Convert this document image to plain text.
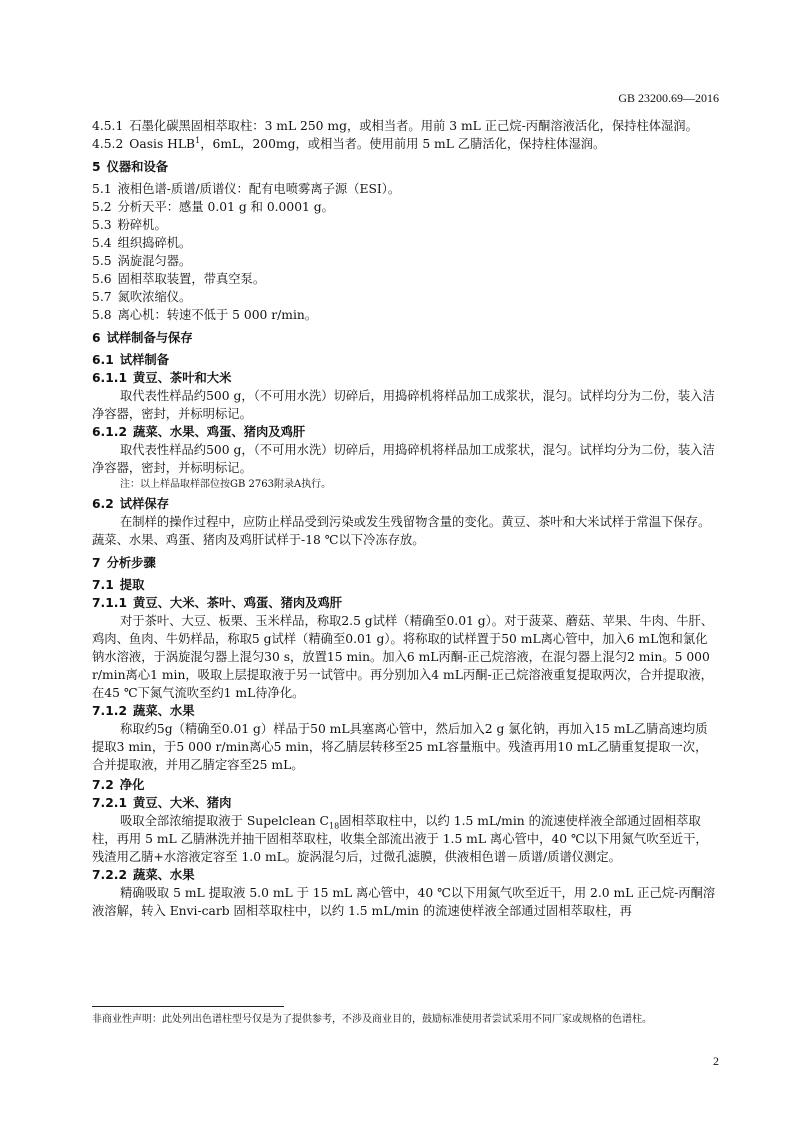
GB 23200.69—2016

4.5.1 石墨化碳黑固相萃取柱：3 mL 250 mg，或相当者。用前 3 mL 正己烷-丙酮溶液活化，保持柱体湿润。

4.5.2 Oasis HLB$^1$，6mL，200mg，或相当者。使用前用 5 mL 乙腈活化，保持柱体湿润。

5 仪器和设备

5.1 液相色谱-质谱/质谱仪：配有电喷雾离子源（ESI）。

5.2 分析天平：感量 0.01 g 和 0.0001 g。

5.3 粉碎机。

5.4 组织捣碎机。

5.5 涡旋混匀器。

5.6 固相萃取装置，带真空泵。

5.7 氮吹浓缩仪。

5.8 离心机：转速不低于 5 000 r/min。

6 试样制备与保存

6.1 试样制备

6.1.1 黄豆、茶叶和大米

取代表性样品约500 g，（不可用水洗）切碎后，用捣碎机将样品加工成浆状，混匀。试样均分为二份，装入洁净容器，密封，并标明标记。

6.1.2 蔬菜、水果、鸡蛋、猪肉及鸡肝

取代表性样品约500 g，（不可用水洗）切碎后，用捣碎机将样品加工成浆状，混匀。试样均分为二份，装入洁净容器，密封，并标明标记。

注：以上样品取样部位按GB 2763附录A执行。

6.2 试样保存

在制样的操作过程中，应防止样品受到污染或发生残留物含量的变化。黄豆、茶叶和大米试样于常温下保存。蔬菜、水果、鸡蛋、猪肉及鸡肝试样于-18 ℃以下冷冻存放。

7 分析步骤

7.1 提取

7.1.1 黄豆、大米、茶叶、鸡蛋、猪肉及鸡肝

对于茶叶、大豆、板栗、玉米样品，称取2.5 g试样（精确至0.01 g）。对于菠菜、蘑菇、苹果、牛肉、牛肝、鸡肉、鱼肉、牛奶样品，称取5 g试样（精确至0.01 g）。将称取的试样置于50 mL离心管中，加入6 mL饱和氯化钠水溶液，于涡旋混匀器上混匀30 s，放置15 min。加入6 mL丙酮-正己烷溶液，在混匀器上混匀2 min。5 000 r/min离心1 min，吸取上层提取液于另一试管中。再分别加入4 mL丙酮-正己烷溶液重复提取两次，合并提取液，在45 ℃下氮气流吹至约1 mL待净化。

7.1.2 蔬菜、水果

称取约5g（精确至0.01 g）样品于50 mL具塞离心管中，然后加入2 g 氯化钠，再加入15 mL乙腈高速均质提取3 min，于5 000 r/min离心5 min，将乙腈层转移至25 mL容量瓶中。残渣再用10 mL乙腈重复提取一次，合并提取液，并用乙腈定容至25 mL。

7.2 净化

7.2.1 黄豆、大米、猪肉

吸取全部浓缩提取液于 Supelclean $C_{18}$固相萃取柱中，以约 1.5 mL/min 的流速使样液全部通过固相萃取柱，再用 5 mL 乙腈淋洗并抽干固相萃取柱，收集全部流出液于 1.5 mL 离心管中，40 ℃以下用氮气吹至近干，残渣用乙腈+水溶液定容至 1.0 mL。旋涡混匀后，过微孔滤膜，供液相色谱－质谱/质谱仪测定。

7.2.2 蔬菜、水果

精确吸取 5 mL 提取液 5.0 mL 于 15 mL 离心管中，40 ℃以下用氮气吹至近干，用 2.0 mL 正己烷-丙酮溶液溶解，转入 Envi-carb 固相萃取柱中，以约 1.5 mL/min 的流速使样液全部通过固相萃取柱，再

非商业性声明：此处列出色谱柱型号仅是为了提供参考，不涉及商业目的，鼓励标准使用者尝试采用不同厂家或规格的色谱柱。
2
